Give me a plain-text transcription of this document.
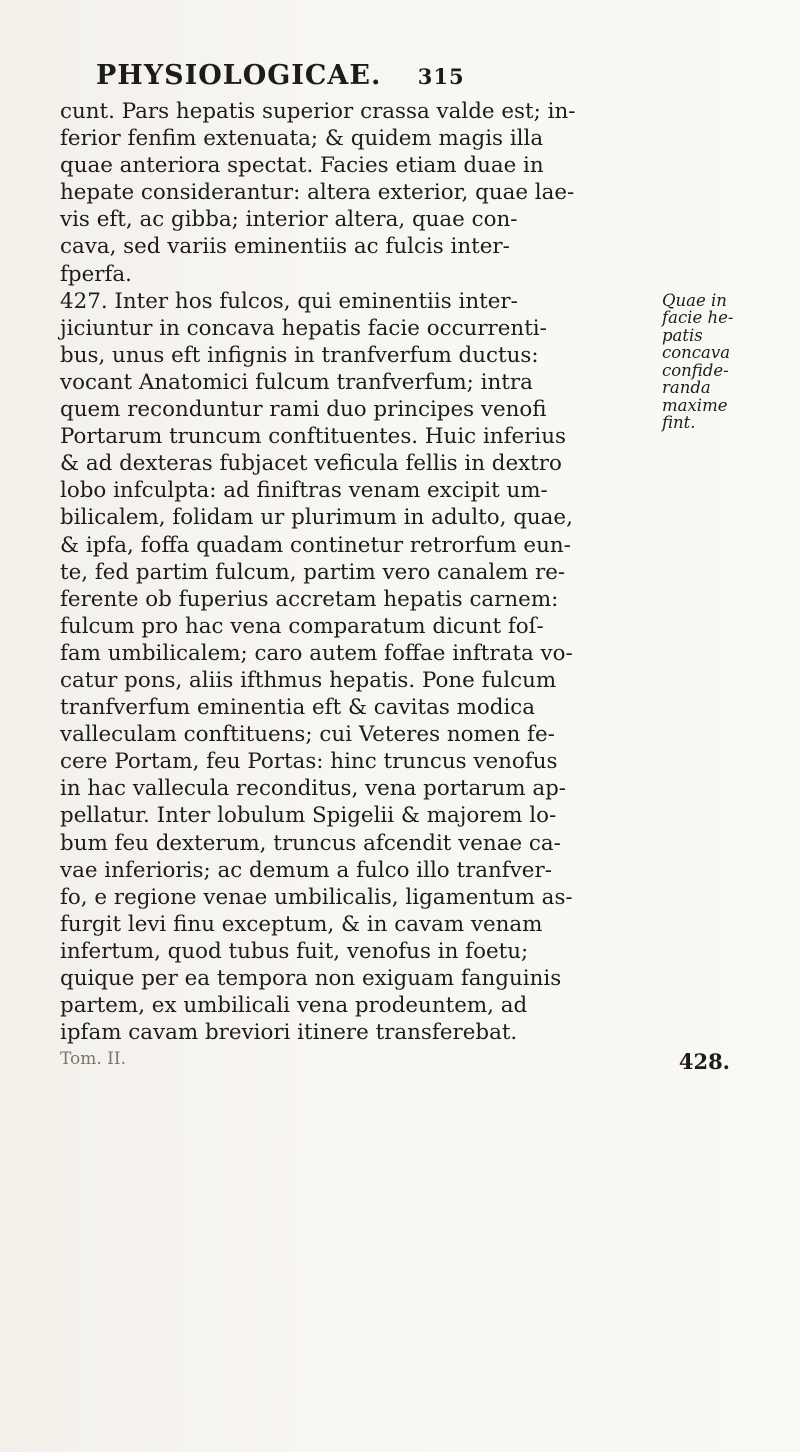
PHYSIOLOGICAE. 315
cunt. Pars hepatis superior crassa valde est; in-
ferior fenfim extenuata; & quidem magis illa
quae anteriora spectat. Facies etiam duae in
hepate considerantur: altera exterior, quae lae-
vis eft, ac gibba; interior altera, quae con-
cava, sed variis eminentiis ac fulcis inter-
fperfa.
427. Inter hos fulcos, qui eminentiis inter-
jiciuntur in concava hepatis facie occurrenti-
bus, unus eft infignis in tranfverfum ductus:
vocant Anatomici fulcum tranfverfum; intra
quem reconduntur rami duo principes venofi
Portarum truncum conftituentes. Huic inferius
& ad dexteras fubjacet veficula fellis in dextro
lobo infculpta: ad finiftras venam excipit um-
bilicalem, folidam ur plurimum in adulto, quae,
& ipfa, foffa quadam continetur retrorfum eun-
te, fed partim fulcum, partim vero canalem re-
ferente ob fuperius accretam hepatis carnem:
fulcum pro hac vena comparatum dicunt foſ-
fam umbilicalem; caro autem foffae inftrata vo-
catur pons, aliis ifthmus hepatis. Pone fulcum
tranfverfum eminentia eft & cavitas modica
valleculam conftituens; cui Veteres nomen fe-
cere Portam, feu Portas: hinc truncus venofus
in hac vallecula reconditus, vena portarum ap-
pellatur. Inter lobulum Spigelii & majorem lo-
bum feu dexterum, truncus afcendit venae ca-
vae inferioris; ac demum a fulco illo tranfver-
fo, e regione venae umbilicalis, ligamentum as-
furgit levi finu exceptum, & in cavam venam
infertum, quod tubus fuit, venofus in foetu;
quique per ea tempora non exiguam fanguinis
partem, ex umbilicali vena prodeuntem, ad
ipfam cavam breviori itinere transferebat.
Quae in
facie he-
patis
concava
confide-
randa
maxime
fint.
Tom. II.	428.
